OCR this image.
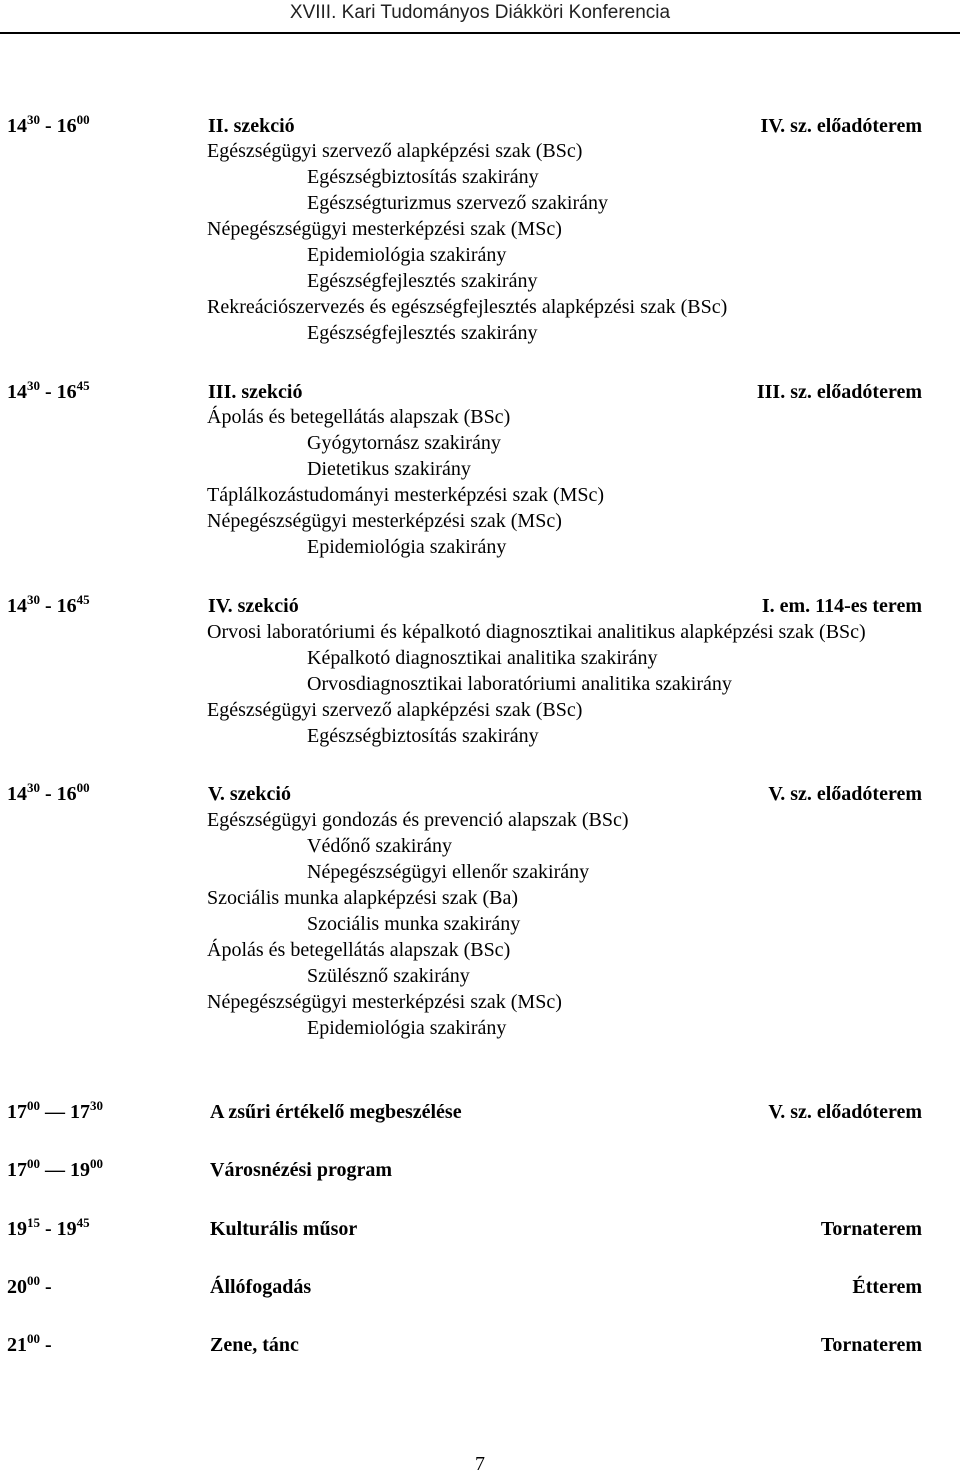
XVIII. Kari Tudományos Diákköri Konferencia
$14^{30} - 16^{00}$	II. szekció	IV. sz. előadóterem
Egészségügyi szervező alapképzési szak (BSc)
Egészségbiztosítás szakirány
Egészségturizmus szervező szakirány
Népegészségügyi mesterképzési szak (MSc)
Epidemiológia szakirány
Egészségfejlesztés szakirány
Rekreációszervezés és egészségfejlesztés alapképzési szak (BSc)
Egészségfejlesztés szakirány
$14^{30} - 16^{45}$	III. szekció	III. sz. előadóterem
Ápolás és betegellátás alapszak (BSc)
Gyógytornász szakirány
Dietetikus szakirány
Táplálkozástudományi mesterképzési szak (MSc)
Népegészségügyi mesterképzési szak (MSc)
Epidemiológia szakirány
$14^{30} - 16^{45}$	IV. szekció	I. em. 114-es terem
Orvosi laboratóriumi és képalkotó diagnosztikai analitikus alapképzési szak (BSc)
Képalkotó diagnosztikai analitika szakirány
Orvosdiagnosztikai laboratóriumi analitika szakirány
Egészségügyi szervező alapképzési szak (BSc)
Egészségbiztosítás szakirány
$14^{30} - 16^{00}$	V. szekció	V. sz. előadóterem
Egészségügyi gondozás és prevenció alapszak (BSc)
Védőnő szakirány
Népegészségügyi ellenőr szakirány
Szociális munka alapképzési szak (Ba)
Szociális munka szakirány
Ápolás és betegellátás alapszak (BSc)
Szülésznő szakirány
Népegészségügyi mesterképzési szak (MSc)
Epidemiológia szakirány
$17^{00}$ — $17^{30}$	A zsűri értékelő megbeszélése	V. sz. előadóterem
$17^{00}$ — $19^{00}$	Városnézési program
$19^{15} - 19^{45}$	Kulturális műsor	Tornaterem
$20^{00}$ -	Állófogadás	Étterem
$21^{00}$ -	Zene, tánc	Tornaterem
7
